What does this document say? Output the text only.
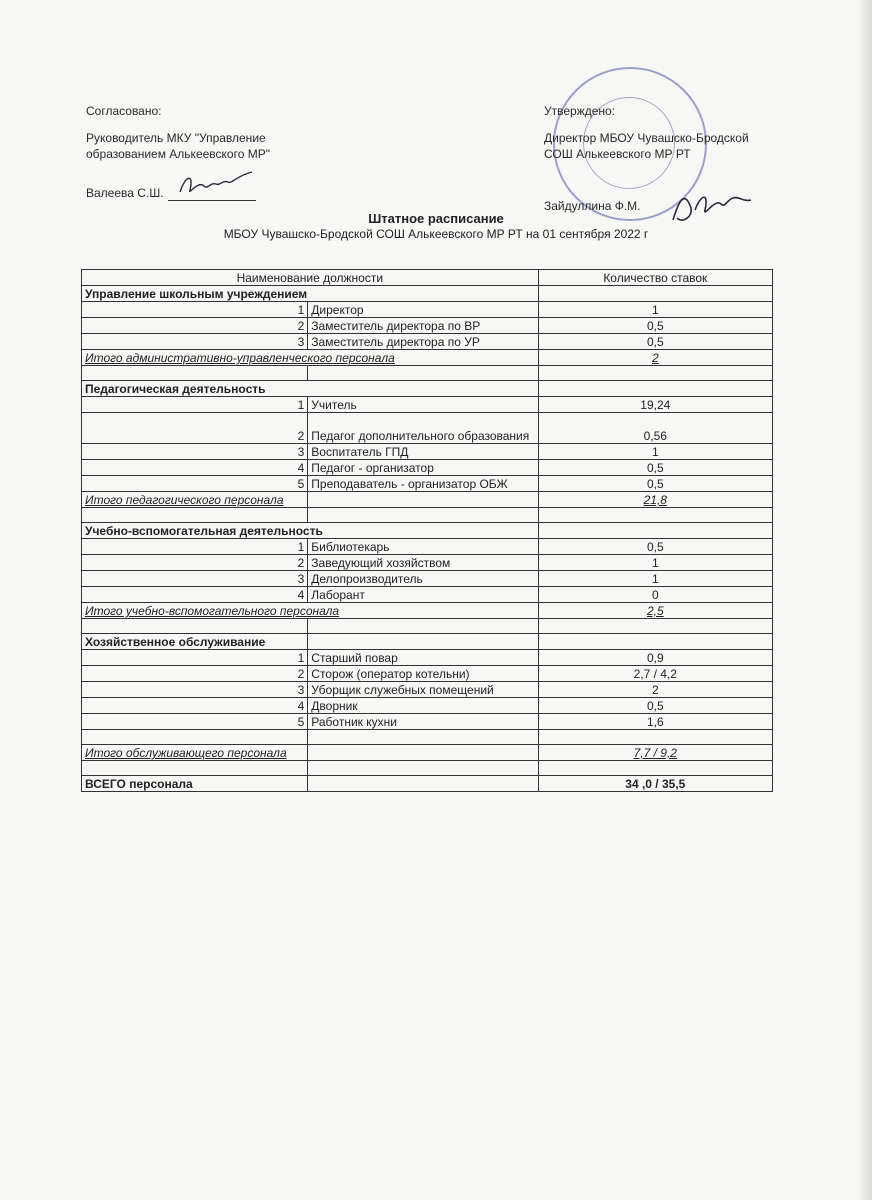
Согласовано:
Руководитель МКУ "Управление
образованием Алькеевского МР"
Валеева С.Ш.
Утверждено:
Директор МБОУ Чувашско-Бродской
СОШ Алькеевского МР РТ
Зайдуллина Ф.М.
Штатное расписание
МБОУ Чувашско-Бродской СОШ Алькеевского МР РТ на 01 сентября 2022 г
Наименование должности		Количество ставок
Управление школьным учреждением		
1	Директор	1
2	Заместитель директора по ВР	0,5
3	Заместитель директора по УР	0,5
Итого административно-управленческого персонала		2

Педагогическая деятельность		
1	Учитель	19,24
2	Педагог дополнительного образования	0,56
3	Воспитатель ГПД	1
4	Педагог - организатор	0,5
5	Преподаватель - организатор ОБЖ	0,5
Итого педагогического персонала		21,8

Учебно-вспомогательная деятельность		
1	Библиотекарь	0,5
2	Заведующий хозяйством	1
3	Делопроизводитель	1
4	Лаборант	0
Итого учебно-вспомогательного персонала		2,5

Хозяйственное обслуживание		
1	Старший повар	0,9
2	Сторож (оператор котельни)	2,7 / 4,2
3	Уборщик служебных помещений	2
4	Дворник	0,5
5	Работник кухни	1,6

Итого обслуживающего персонала		7,7 / 9,2

ВСЕГО персонала		34 ,0 / 35,5
